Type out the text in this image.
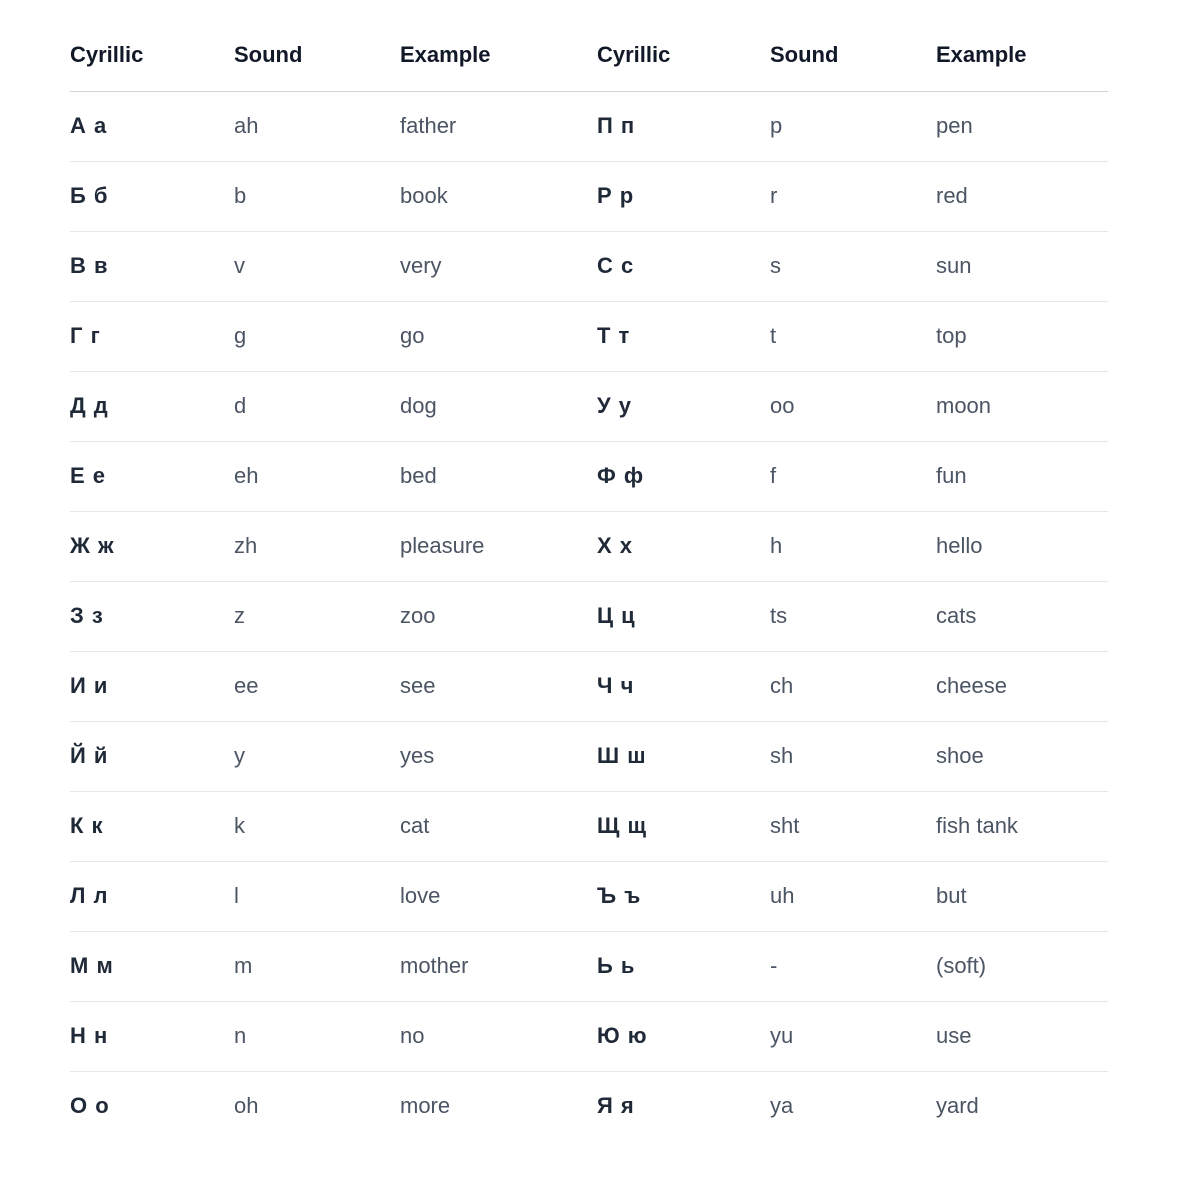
Cyrillic	Sound	Example	Cyrillic	Sound	Example
А а	ah	father	П п	p	pen
Б б	b	book	Р р	r	red
В в	v	very	С с	s	sun
Г г	g	go	Т т	t	top
Д д	d	dog	У у	oo	moon
Е е	eh	bed	Ф ф	f	fun
Ж ж	zh	pleasure	Х х	h	hello
З з	z	zoo	Ц ц	ts	cats
И и	ee	see	Ч ч	ch	cheese
Й й	y	yes	Ш ш	sh	shoe
К к	k	cat	Щ щ	sht	fish tank
Л л	l	love	Ъ ъ	uh	but
М м	m	mother	Ь ь	-	(soft)
Н н	n	no	Ю ю	yu	use
О о	oh	more	Я я	ya	yard
